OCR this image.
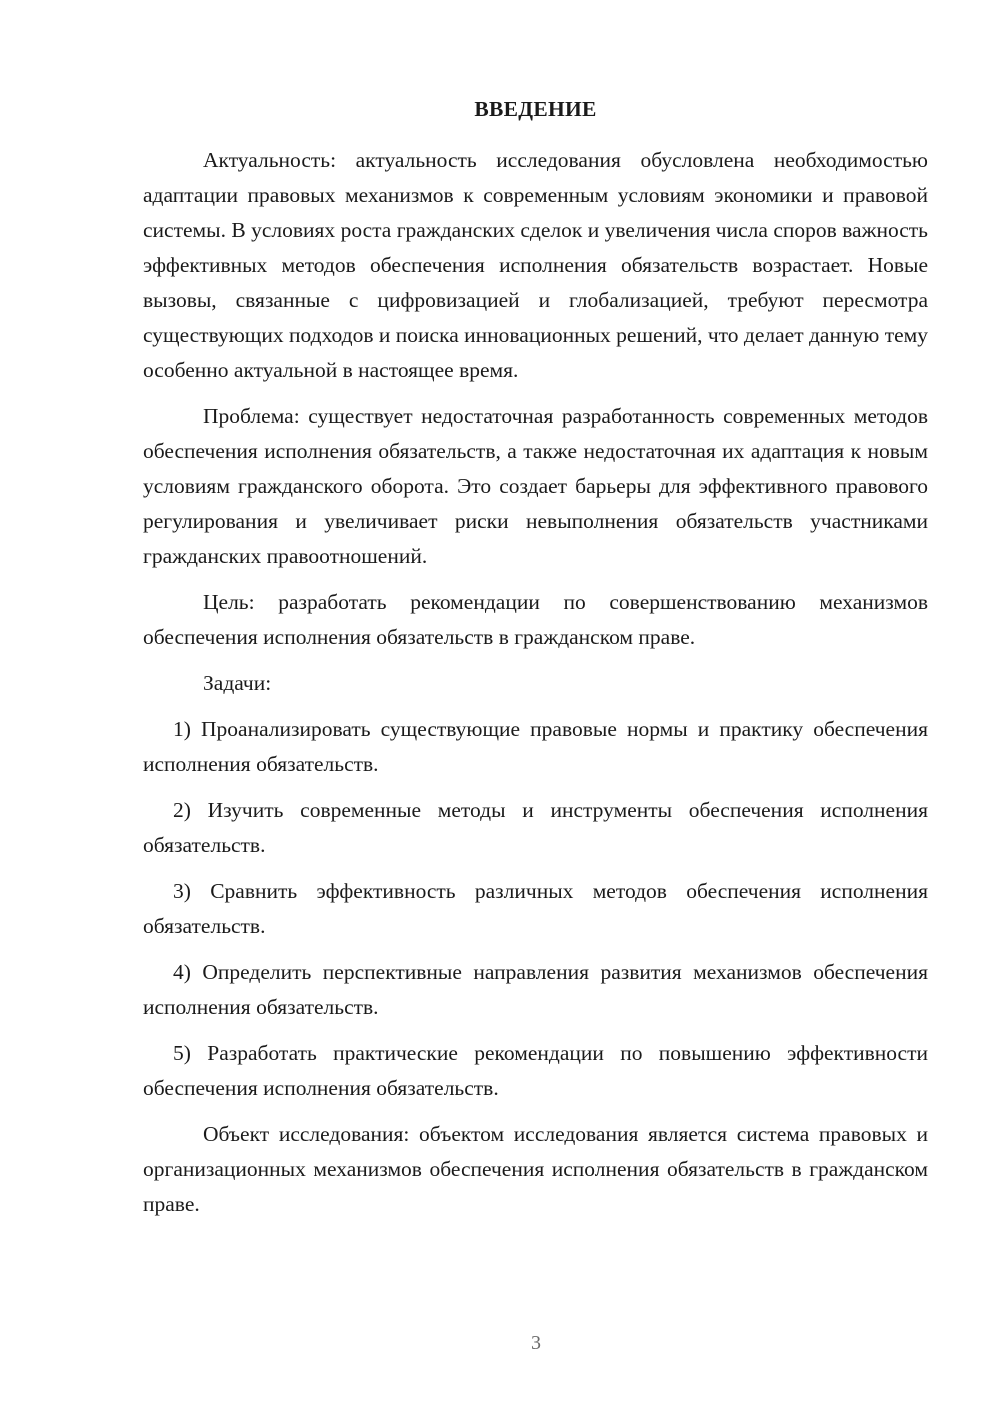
ВВЕДЕНИЕ

Актуальность: актуальность исследования обусловлена необходимостью адаптации правовых механизмов к современным условиям экономики и правовой системы. В условиях роста гражданских сделок и увеличения числа споров важность эффективных методов обеспечения исполнения обязательств возрастает. Новые вызовы, связанные с цифровизацией и глобализацией, требуют пересмотра существующих подходов и поиска инновационных решений, что делает данную тему особенно актуальной в настоящее время.

Проблема: существует недостаточная разработанность современных методов обеспечения исполнения обязательств, а также недостаточная их адаптация к новым условиям гражданского оборота. Это создает барьеры для эффективного правового регулирования и увеличивает риски невыполнения обязательств участниками гражданских правоотношений.

Цель: разработать рекомендации по совершенствованию механизмов обеспечения исполнения обязательств в гражданском праве.

Задачи:

1) Проанализировать существующие правовые нормы и практику обеспечения исполнения обязательств.

2) Изучить современные методы и инструменты обеспечения исполнения обязательств.

3) Сравнить эффективность различных методов обеспечения исполнения обязательств.

4) Определить перспективные направления развития механизмов обеспечения исполнения обязательств.

5) Разработать практические рекомендации по повышению эффективности обеспечения исполнения обязательств.

Объект исследования: объектом исследования является система правовых и организационных механизмов обеспечения исполнения обязательств в гражданском праве.

3
